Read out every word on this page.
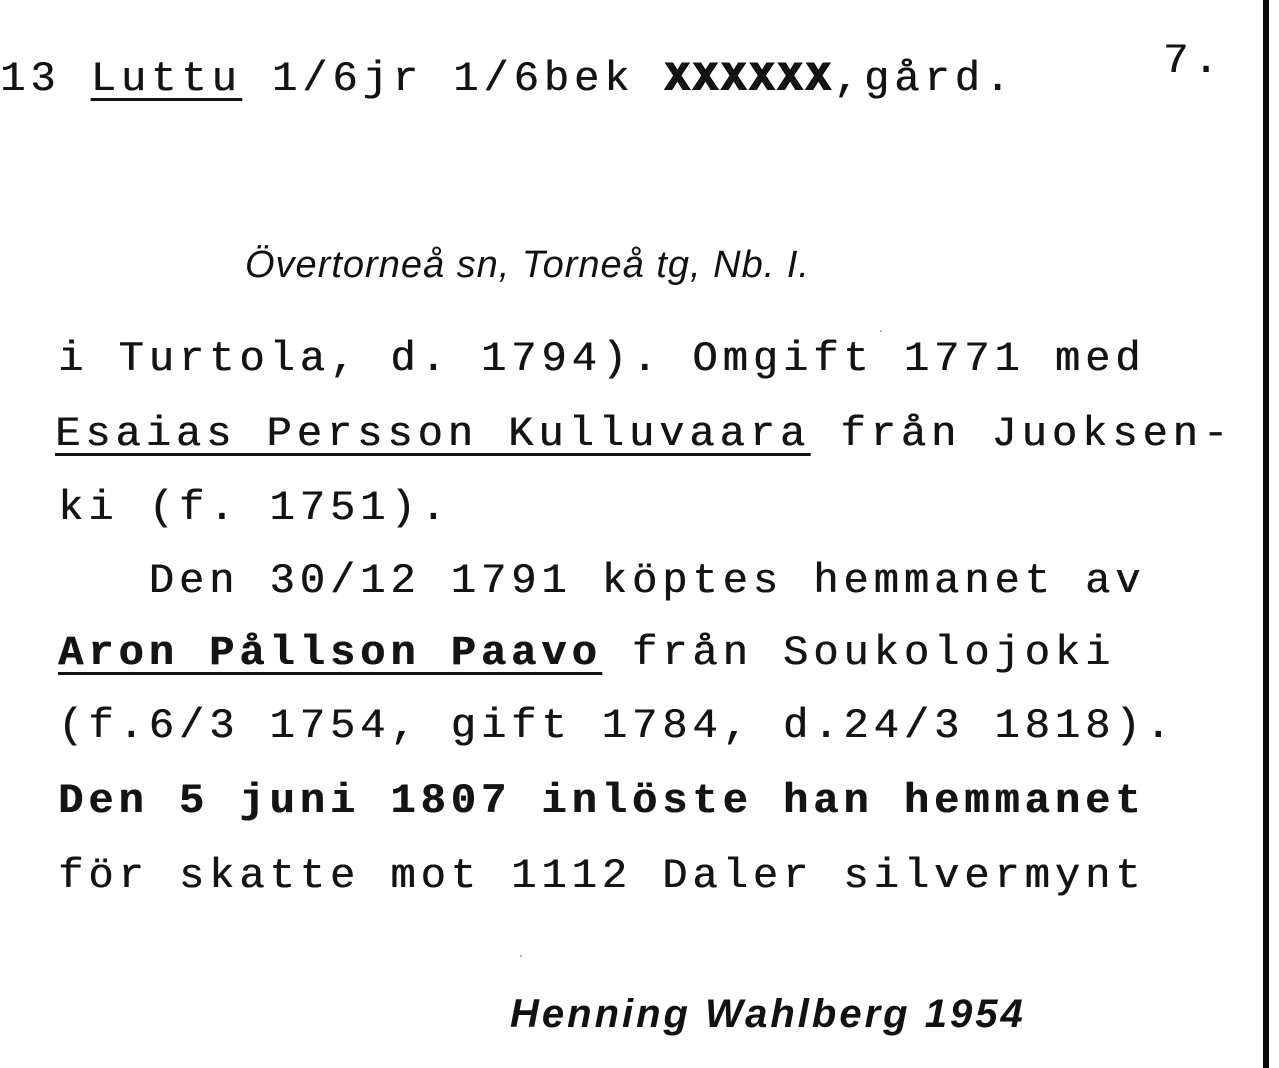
13 Luttu 1/6jr 1/6bek XXXXXX,gård.	7.
Övertorneå sn, Torneå tg, Nb. I.
i Turtola, d. 1794). Omgift 1771 med
Esaias Persson Kulluvaara från Juoksen-
ki (f. 1751).
Den 30/12 1791 köptes hemmanet av
Aron Pållson Paavo från Soukolojoki
(f.6/3 1754, gift 1784, d.24/3 1818).
Den 5 juni 1807 inlöste han hemmanet
för skatte mot 1112 Daler silvermynt
Henning Wahlberg 1954
